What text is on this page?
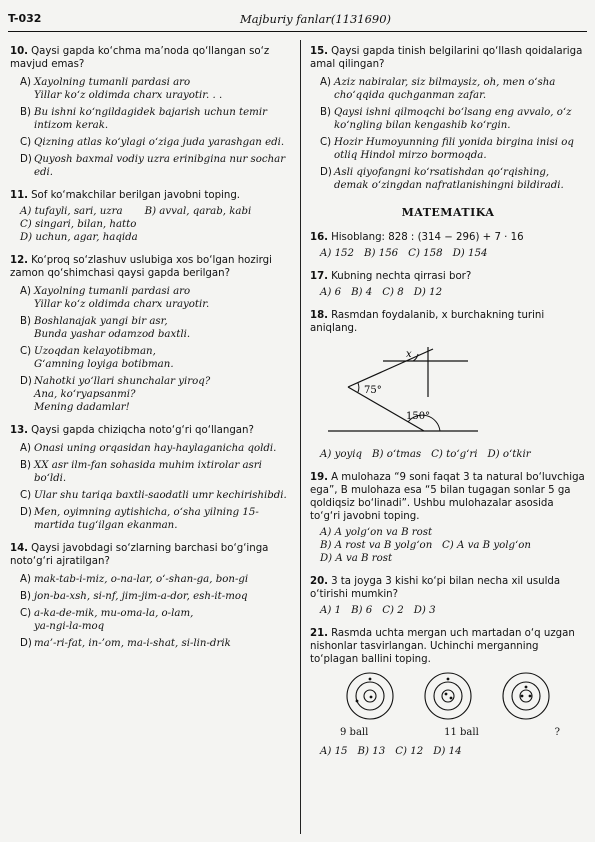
T-032	Majburiy fanlar(1131690)
10. Qaysi gapda ko‘chma ma’noda qo‘llangan so‘z mavjud emas?
A) Xayolning tumanli pardasi aro
Yillar ko‘z oldimda charx urayotir. . .
B) Bu ishni ko‘ngildagidek bajarish uchun temir intizom kerak.
C) Qizning atlas ko‘ylagi o‘ziga juda yarashgan edi.
D) Quyosh baxmal vodiy uzra erinibgina nur sochar edi.
11. Sof ko‘makchilar berilgan javobni toping.
A) tufayli, sari, uzra B) avval, qarab, kabi
C) singari, bilan, hatto
D) uchun, agar, haqida
12. Ko‘proq so‘zlashuv uslubiga xos bo‘lgan hozirgi zamon qo‘shimchasi qaysi gapda berilgan?
A) Xayolning tumanli pardasi aro
Yillar ko‘z oldimda charx urayotir.
B) Boshlanajak yangi bir asr,
Bunda yashar odamzod baxtli.
C) Uzoqdan kelayotibman,
G‘amning loyiga botibman.
D) Nahotki yo‘llari shunchalar yiroq?
Ana, ko‘ryapsanmi?
Mening dadamlar!
13. Qaysi gapda chiziqcha noto‘g‘ri qo‘llangan?
A) Onasi uning orqasidan hay-haylaganicha qoldi.
B) XX asr ilm-fan sohasida muhim ixtirolar asri bo‘ldi.
C) Ular shu tariqa baxtli-saodatli umr kechirishibdi.
D) Men, oyimning aytishicha, o‘sha yilning 15-martida tug‘ilgan ekanman.
14. Qaysi javobdagi so‘zlarning barchasi bo‘g‘inga noto‘g‘ri ajratilgan?
A) mak-tab-i-miz, o-na-lar, o‘-shan-ga, bon-gi
B) jon-ba-xsh, si-nf, jim-jim-a-dor, esh-it-moq
C) a-ka-de-mik, mu-oma-la, o-lam,
ya-ngi-la-moq
D) ma’-ri-fat, in-’om, ma-i-shat, si-lin-drik
15. Qaysi gapda tinish belgilarini qo‘llash qoidalariga amal qilingan?
A) Aziz nabiralar, siz bilmaysiz, oh, men o‘sha cho‘qqida quchganman zafar.
B) Qaysi ishni qilmoqchi bo‘lsang eng avvalo, o‘z ko‘ngling bilan kengashib ko‘rgin.
C) Hozir Humoyunning fili yonida birgina inisi oq otliq Hindol mirzo bormoqda.
D) Asli qiyofangni ko‘rsatishdan qo‘rqishing, demak o‘zingdan nafratlanishingni bildiradi.
MATEMATIKA
16. Hisoblang: 828 : (314 − 296) + 7 · 16
A) 152 B) 156 C) 158 D) 154
17. Kubning nechta qirrasi bor?
A) 6 B) 4 C) 8 D) 12
18. Rasmdan foydalanib, x burchakning turini aniqlang.
75°
150°
x
A) yoyiq B) o‘tmas C) to‘g‘ri D) o‘tkir
19. A mulohaza “9 soni faqat 3 ta natural bo‘luvchiga ega”, B mulohaza esa “5 bilan tugagan sonlar 5 ga qoldiqsiz bo‘linadi”. Ushbu mulohazalar asosida to‘g‘ri javobni toping.
A) A yolg‘on va B rost
B) A rost va B yolg‘on C) A va B yolg‘on
D) A va B rost
20. 3 ta joyga 3 kishi ko‘pi bilan necha xil usulda o‘tirishi mumkin?
A) 1 B) 6 C) 2 D) 3
21. Rasmda uchta mergan uch martadan o‘q uzgan nishonlar tasvirlangan. Uchinchi merganning to‘plagan ballini toping.
9 ball	11 ball	?
A) 15 B) 13 C) 12 D) 14
